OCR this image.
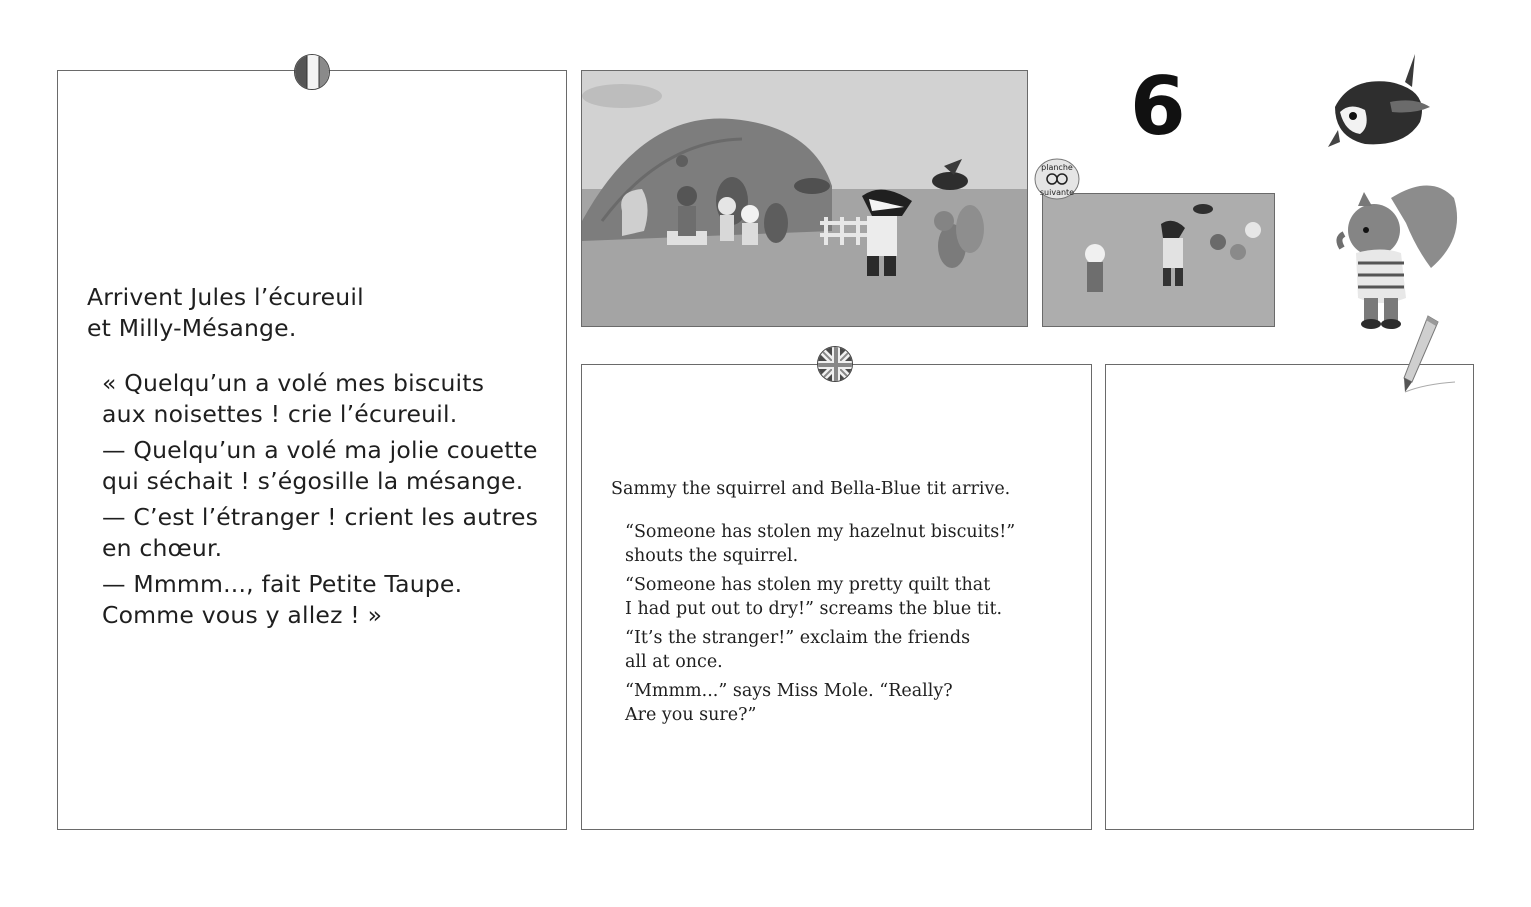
Arrivent Jules l’écureuil
et Milly-Mésange.

« Quelqu’un a volé mes biscuits
aux noisettes ! crie l’écureuil.

— Quelqu’un a volé ma jolie couette
qui séchait ! s’égosille la mésange.

— C’est l’étranger ! crient les autres
en chœur.

— Mmmm..., fait Petite Taupe.
Comme vous y allez ! »

planche
suivante
6

Sammy the squirrel and Bella-Blue tit arrive.

“Someone has stolen my hazelnut biscuits!”
shouts the squirrel.

“Someone has stolen my pretty quilt that
I had put out to dry!” screams the blue tit.

“It’s the stranger!” exclaim the friends
all at once.

“Mmmm...” says Miss Mole. “Really?
Are you sure?”
